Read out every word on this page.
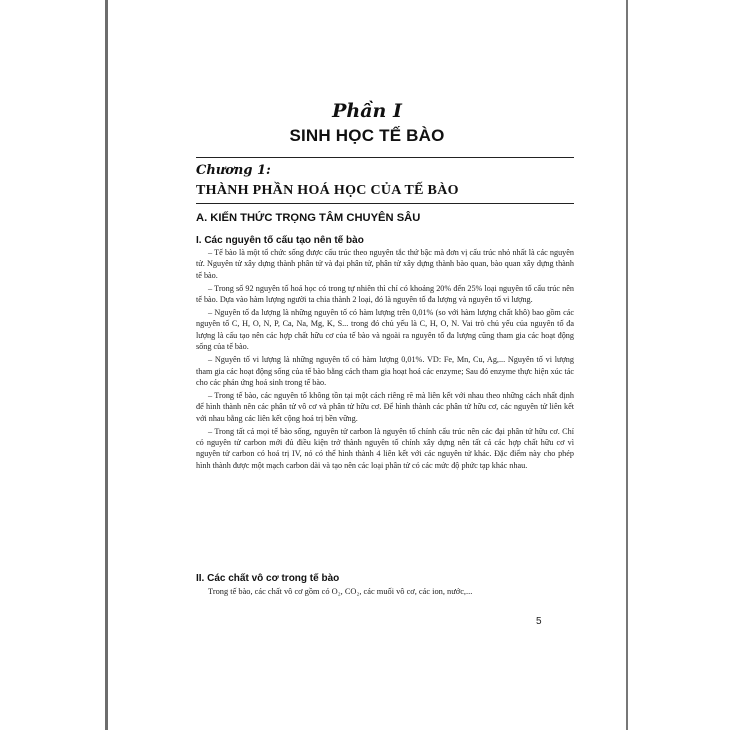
Phần I
SINH HỌC TẾ BÀO
Chương 1:
THÀNH PHẦN HOÁ HỌC CỦA TẾ BÀO
A. KIẾN THỨC TRỌNG TÂM CHUYÊN SÂU
I. Các nguyên tố cấu tạo nên tế bào

– Tế bào là một tổ chức sống được cấu trúc theo nguyên tắc thứ bậc mà đơn vị cấu trúc nhỏ nhất là các nguyên tử. Nguyên tử xây dựng thành phân tử và đại phân tử, phân tử xây dựng thành bào quan, bào quan xây dựng thành tế bào.

– Trong số 92 nguyên tố hoá học có trong tự nhiên thì chỉ có khoảng 20% đến 25% loại nguyên tố cấu trúc nên tế bào. Dựa vào hàm lượng người ta chia thành 2 loại, đó là nguyên tố đa lượng và nguyên tố vi lượng.

– Nguyên tố đa lượng là những nguyên tố có hàm lượng trên 0,01% (so với hàm lượng chất khô) bao gồm các nguyên tố C, H, O, N, P, Ca, Na, Mg, K, S... trong đó chủ yếu là C, H, O, N. Vai trò chủ yếu của nguyên tố đa lượng là cấu tạo nên các hợp chất hữu cơ của tế bào và ngoài ra nguyên tố đa lượng cũng tham gia các hoạt động sống của tế bào.

– Nguyên tố vi lượng là những nguyên tố có hàm lượng 0,01%. VD: Fe, Mn, Cu, Ag,... Nguyên tố vi lượng tham gia các hoạt động sống của tế bào bằng cách tham gia hoạt hoá các enzyme; Sau đó enzyme thực hiện xúc tác cho các phản ứng hoá sinh trong tế bào.

– Trong tế bào, các nguyên tố không tồn tại một cách riêng rẽ mà liên kết với nhau theo những cách nhất định để hình thành nên các phân tử vô cơ và phân tử hữu cơ. Để hình thành các phân tử hữu cơ, các nguyên tử liên kết với nhau bằng các liên kết cộng hoá trị bền vững.

– Trong tất cả mọi tế bào sống, nguyên tử carbon là nguyên tố chính cấu trúc nên các đại phân tử hữu cơ. Chỉ có nguyên tử carbon mới đủ điều kiện trở thành nguyên tố chính xây dựng nên tất cả các hợp chất hữu cơ vì nguyên tử carbon có hoá trị IV, nó có thể hình thành 4 liên kết với các nguyên tử khác. Đặc điểm này cho phép hình thành được một mạch carbon dài và tạo nên các loại phân tử có các mức độ phức tạp khác nhau.

II. Các chất vô cơ trong tế bào
Trong tế bào, các chất vô cơ gồm có O₂, CO₂, các muối vô cơ, các ion, nước,...
5
